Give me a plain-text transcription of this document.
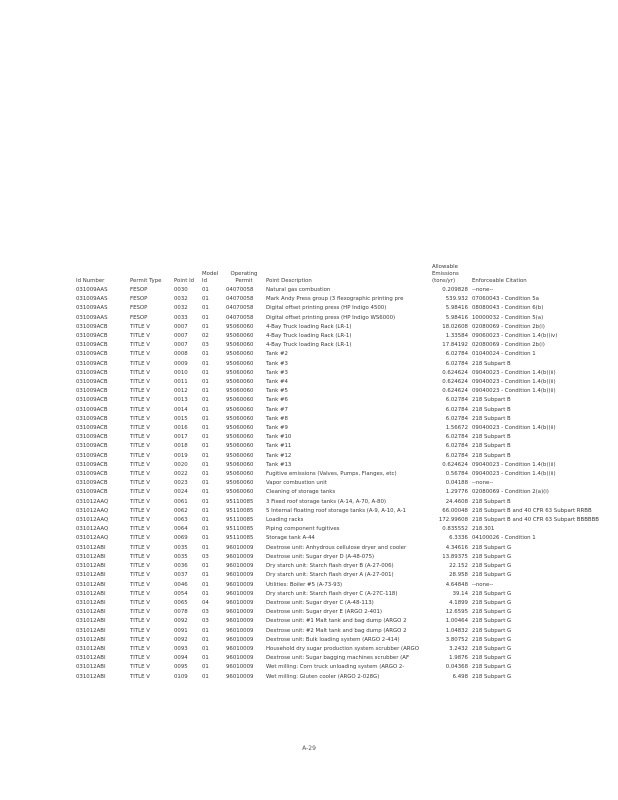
Id Number	Permit Type	Point Id	Model Id	Operating Permit	Point Description	Allowable Emissions (tons/yr)	Enforceable Citation
031009AAS	FESOP	0030	01	04070058	Natural gas combustion	0.209828	--none--
031009AAS	FESOP	0032	01	04070058	Mark Andy Press group (3 flexographic printing pre	539.932	07060043 - Condition 5a
031009AAS	FESOP	0032	01	04070058	Digital offset printing press (HP Indigo 4500)	5.98416	08080043 - Condition 6(b)
031009AAS	FESOP	0033	01	04070058	Digital offset printing press (HP Indigo WS6000)	5.98416	10000032 - Condition 5(a)
031009ACB	TITLE V	0007	01	95060060	4-Bay Truck loading Rack (LR-1)	18.02608	02080069 - Condition 2b(i)
031009ACB	TITLE V	0007	02	95060060	4-Bay Truck loading Rack (LR-1)	1.33584	09060023 - Condition 1.4(b)(iv)
031009ACB	TITLE V	0007	03	95060060	4-Bay Truck loading Rack (LR-1)	17.84192	02080069 - Condition 2b(i)
031009ACB	TITLE V	0008	01	95060060	Tank #2	6.02784	01040024 - Condition 1
031009ACB	TITLE V	0009	01	95060060	Tank #3	6.02784	218 Subpart B
031009ACB	TITLE V	0010	01	95060060	Tank #3	0.624624	09040023 - Condition 1.4(b)(ii)
031009ACB	TITLE V	0011	01	95060060	Tank #4	0.624624	09040023 - Condition 1.4(b)(ii)
031009ACB	TITLE V	0012	01	95060060	Tank #5	0.624624	09040023 - Condition 1.4(b)(ii)
031009ACB	TITLE V	0013	01	95060060	Tank #6	6.02784	218 Subpart B
031009ACB	TITLE V	0014	01	95060060	Tank #7	6.02784	218 Subpart B
031009ACB	TITLE V	0015	01	95060060	Tank #8	6.02784	218 Subpart B
031009ACB	TITLE V	0016	01	95060060	Tank #9	1.56672	09040023 - Condition 1.4(b)(ii)
031009ACB	TITLE V	0017	01	95060060	Tank #10	6.02784	218 Subpart B
031009ACB	TITLE V	0018	01	95060060	Tank #11	6.02784	218 Subpart B
031009ACB	TITLE V	0019	01	95060060	Tank #12	6.02784	218 Subpart B
031009ACB	TITLE V	0020	01	95060060	Tank #13	0.624624	09040023 - Condition 1.4(b)(ii)
031009ACB	TITLE V	0022	01	95060060	Fugitive emissions (Valves, Pumps, Flanges, etc)	0.56784	09040023 - Condition 1.4(b)(ii)
031009ACB	TITLE V	0023	01	95060060	Vapor combustion unit	0.04188	--none--
031009ACB	TITLE V	0024	01	95060060	Cleaning of storage tanks	1.29776	02080069 - Condition 2(a)(i)
031012AAQ	TITLE V	0061	01	95110085	3 Fixed roof storage tanks (A-14, A-70, A-80)	24.4608	218 Subpart B
031012AAQ	TITLE V	0062	01	95110085	5 Internal floating roof storage tanks (A-9, A-10, A-1	66.00048	218 Subpart B and 40 CFR 63 Subpart RRBB
031012AAQ	TITLE V	0063	01	95110085	Loading racks	172.99608	218 Subpart B and 40 CFR 63 Subpart BBBBBB
031012AAQ	TITLE V	0064	01	95110085	Piping component fugitives	0.835552	218.301
031012AAQ	TITLE V	0069	01	95110085	Storage tank A-44	6.3336	04100026 - Condition 1
031012ABI	TITLE V	0035	01	96010009	Dextrose unit: Anhydrous cellulose dryer and cooler	4.34616	218 Subpart G
031012ABI	TITLE V	0035	03	96010009	Dextrose unit: Sugar dryer D (A-48-075)	13.89375	218 Subpart G
031012ABI	TITLE V	0036	01	96010009	Dry starch unit: Starch flash dryer B (A-27-006)	22.152	218 Subpart G
031012ABI	TITLE V	0037	01	96010009	Dry starch unit: Starch flash dryer A (A-27-001)	28.958	218 Subpart G
031012ABI	TITLE V	0046	01	96010009	Utilities: Boiler #5 (A-73-93)	4.64848	--none--
031012ABI	TITLE V	0054	01	96010009	Dry starch unit: Starch flash dryer C (A-27C-118)	39.14	218 Subpart G
031012ABI	TITLE V	0065	04	96010009	Dextrose unit: Sugar dryer C (A-48-113)	4.1899	218 Subpart G
031012ABI	TITLE V	0078	03	96010009	Dextrose unit: Sugar dryer E (ARGO 2-401)	12.6595	218 Subpart G
031012ABI	TITLE V	0092	03	96010009	Dextrose unit: #1 Malt tank and bag dump (ARGO 2	1.00464	218 Subpart G
031012ABI	TITLE V	0091	01	96010009	Dextrose unit: #2 Malt tank and bag dump (ARGO 2	1.04832	218 Subpart G
031012ABI	TITLE V	0092	01	96010009	Dextrose unit: Bulk loading system (ARGO 2-414)	3.80752	218 Subpart G
031012ABI	TITLE V	0093	01	96010009	Household dry sugar production system scrubber (ARGO	3.2432	218 Subpart G
031012ABI	TITLE V	0094	01	96010009	Dextrose unit: Sugar bagging machines scrubber (AF	1.9876	218 Subpart G
031012ABI	TITLE V	0095	01	96010009	Wet milling: Corn truck unloading system (ARGO 2-	0.04368	218 Subpart G
031012ABI	TITLE V	0109	01	96010009	Wet milling: Gluten cooler (ARGO 2-028G)	6.498	218 Subpart G
A-29
